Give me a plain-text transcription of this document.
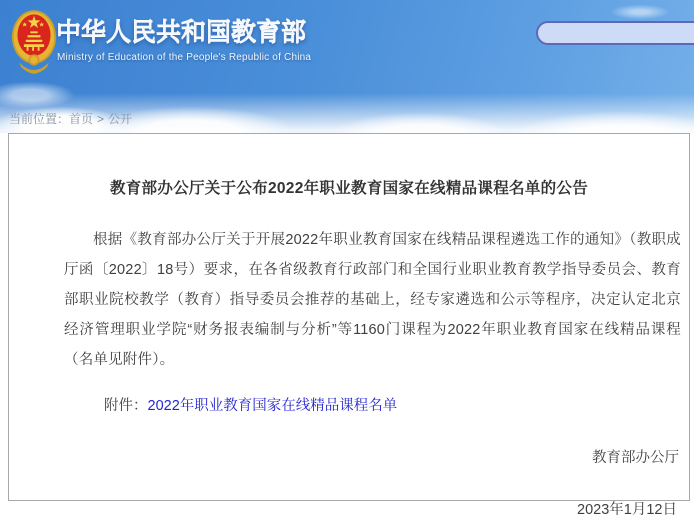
中华人民共和国教育部
Ministry of Education of the People's Republic of China
当前位置：首页 > 公开
教育部办公厅关于公布2022年职业教育国家在线精品课程名单的公告

根据《教育部办公厅关于开展2022年职业教育国家在线精品课程遴选工作的通知》（教职成厅函〔2022〕18号）要求，在各省级教育行政部门和全国行业职业教育教学指导委员会、教育部职业院校教学（教育）指导委员会推荐的基础上，经专家遴选和公示等程序，决定认定北京经济管理职业学院“财务报表编制与分析”等1160门课程为2022年职业教育国家在线精品课程（名单见附件）。

附件：2022年职业教育国家在线精品课程名单
教育部办公厅
2023年1月12日
